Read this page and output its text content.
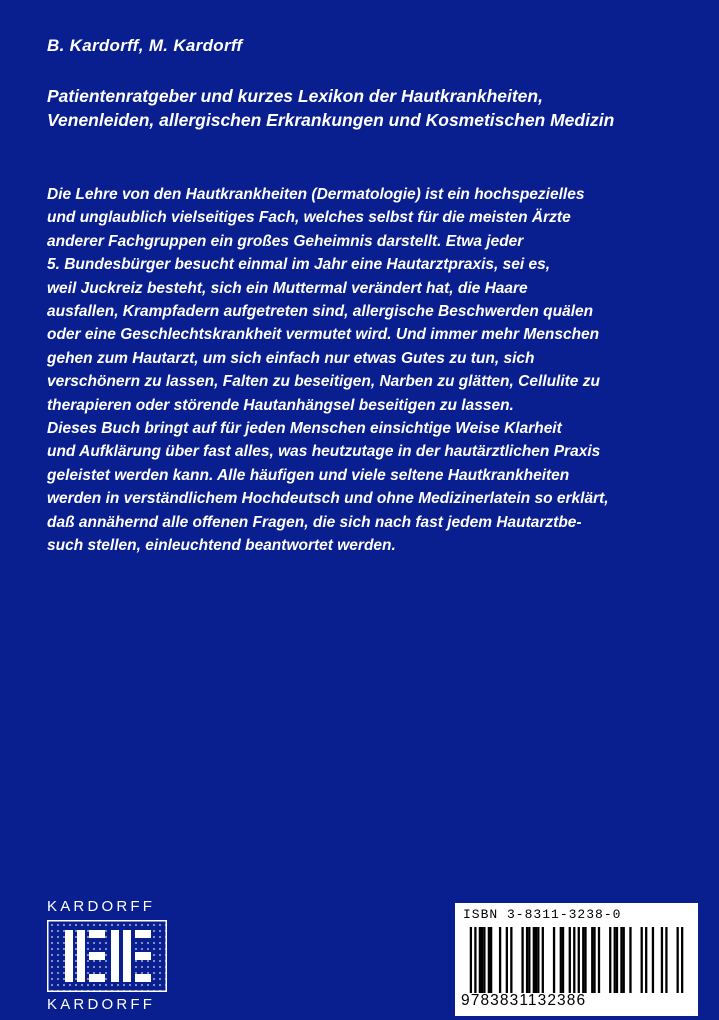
B. Kardorff, M. Kardorff
Patientenratgeber und kurzes Lexikon der Hautkrankheiten,
Venenleiden, allergischen Erkrankungen und Kosmetischen Medizin
Die Lehre von den Hautkrankheiten (Dermatologie) ist ein hochspezielles
und unglaublich vielseitiges Fach, welches selbst für die meisten Ärzte
anderer Fachgruppen ein großes Geheimnis darstellt. Etwa jeder
5. Bundesbürger besucht einmal im Jahr eine Hautarztpraxis, sei es,
weil Juckreiz besteht, sich ein Muttermal verändert hat, die Haare
ausfallen, Krampfadern aufgetreten sind, allergische Beschwerden quälen
oder eine Geschlechtskrankheit vermutet wird. Und immer mehr Menschen
gehen zum Hautarzt, um sich einfach nur etwas Gutes zu tun, sich
verschönern zu lassen, Falten zu beseitigen, Narben zu glätten, Cellulite zu
therapieren oder störende Hautanhängsel beseitigen zu lassen.
Dieses Buch bringt auf für jeden Menschen einsichtige Weise Klarheit
und Aufklärung über fast alles, was heutzutage in der hautärztlichen Praxis
geleistet werden kann. Alle häufigen und viele seltene Hautkrankheiten
werden in verständlichem Hochdeutsch und ohne Medizinerlatein so erklärt,
daß annähernd alle offenen Fragen, die sich nach fast jedem Hautarztbe-
such stellen, einleuchtend beantwortet werden.
KARDORFF
KARDORFF
ISBN 3-8311-3238-0
9783831132386
